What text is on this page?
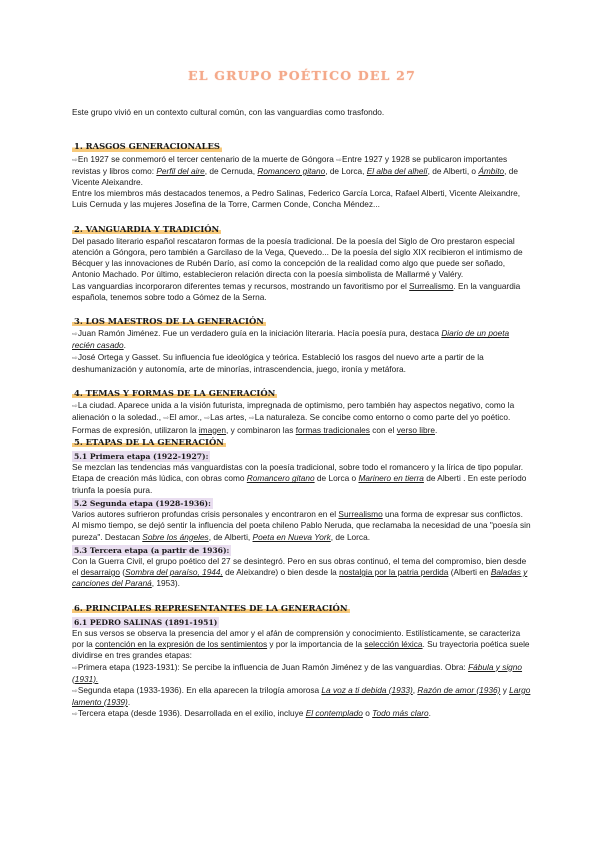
EL GRUPO POÉTICO DEL 27

Este grupo vivió en un contexto cultural común, con las vanguardias como trasfondo.

1. RASGOS GENERACIONALES

⇨En 1927 se conmemoró el tercer centenario de la muerte de Góngora ⇨Entre 1927 y 1928 se publicaron importantes revistas y libros como: Perfil del aire, de Cernuda, Romancero gitano, de Lorca, El alba del alhelí, de Alberti, o Ámbito, de Vicente Aleixandre.

Entre los miembros más destacados tenemos, a Pedro Salinas, Federico García Lorca, Rafael Alberti, Vicente Aleixandre, Luis Cernuda y las mujeres Josefina de la Torre, Carmen Conde, Concha Méndez...

2. VANGUARDIA Y TRADICIÓN

Del pasado literario español rescataron formas de la poesía tradicional. De la poesía del Siglo de Oro prestaron especial atención a Góngora, pero también a Garcilaso de la Vega, Quevedo... De la poesía del siglo XIX recibieron el intimismo de Bécquer y las innovaciones de Rubén Darío, así como la concepción de la realidad como algo que puede ser soñado, Antonio Machado. Por último, establecieron relación directa con la poesía simbolista de Mallarmé y Valéry.

Las vanguardias incorporaron diferentes temas y recursos, mostrando un favoritismo por el Surrealismo. En la vanguardia española, tenemos sobre todo a Gómez de la Serna.

3. LOS MAESTROS DE LA GENERACIÓN

⇨Juan Ramón Jiménez. Fue un verdadero guía en la iniciación literaria. Hacía poesía pura, destaca Diario de un poeta recién casado.

⇨José Ortega y Gasset. Su influencia fue ideológica y teórica. Estableció los rasgos del nuevo arte a partir de la deshumanización y autonomía, arte de minorías, intrascendencia, juego, ironía y metáfora.

4. TEMAS Y FORMAS DE LA GENERACIÓN

⇨La ciudad. Aparece unida a la visión futurista, impregnada de optimismo, pero también hay aspectos negativo, como la alienación o la soledad., ⇨El amor., ⇨Las artes, ⇨La naturaleza. Se concibe como entorno o como parte del yo poético.

Formas de expresión, utilizaron la imagen, y combinaron las formas tradicionales con el verso libre.

5. ETAPAS DE LA GENERACIÓN
5.1 Primera etapa (1922-1927):

Se mezclan las tendencias más vanguardistas con la poesía tradicional, sobre todo el romancero y la lírica de tipo popular. Etapa de creación más lúdica, con obras como Romancero gitano de Lorca o Marinero en tierra de Alberti . En este período triunfa la poesía pura.

5.2 Segunda etapa (1928-1936):

Varios autores sufrieron profundas crisis personales y encontraron en el Surrealismo una forma de expresar sus conflictos. Al mismo tiempo, se dejó sentir la influencia del poeta chileno Pablo Neruda, que reclamaba la necesidad de una "poesía sin pureza". Destacan Sobre los ángeles, de Alberti, Poeta en Nueva York, de Lorca.

5.3 Tercera etapa (a partir de 1936):

Con la Guerra Civil, el grupo poético del 27 se desintegró. Pero en sus obras continuó, el tema del compromiso, bien desde el desarraigo (Sombra del paraíso, 1944, de Aleixandre) o bien desde la nostalgia por la patria perdida (Alberti en Baladas y canciones del Paraná, 1953).

6. PRINCIPALES REPRESENTANTES DE LA GENERACIÓN
6.1 PEDRO SALINAS (1891-1951)

En sus versos se observa la presencia del amor y el afán de comprensión y conocimiento. Estilísticamente, se caracteriza por la contención en la expresión de los sentimientos y por la importancia de la selección léxica. Su trayectoria poética suele dividirse en tres grandes etapas:

⇨Primera etapa (1923-1931): Se percibe la influencia de Juan Ramón Jiménez y de las vanguardias. Obra: Fábula y signo (1931).

⇨Segunda etapa (1933-1936). En ella aparecen la trilogía amorosa La voz a ti debida (1933), Razón de amor (1936) y Largo lamento (1939).

⇨Tercera etapa (desde 1936). Desarrollada en el exilio, incluye El contemplado o Todo más claro.
